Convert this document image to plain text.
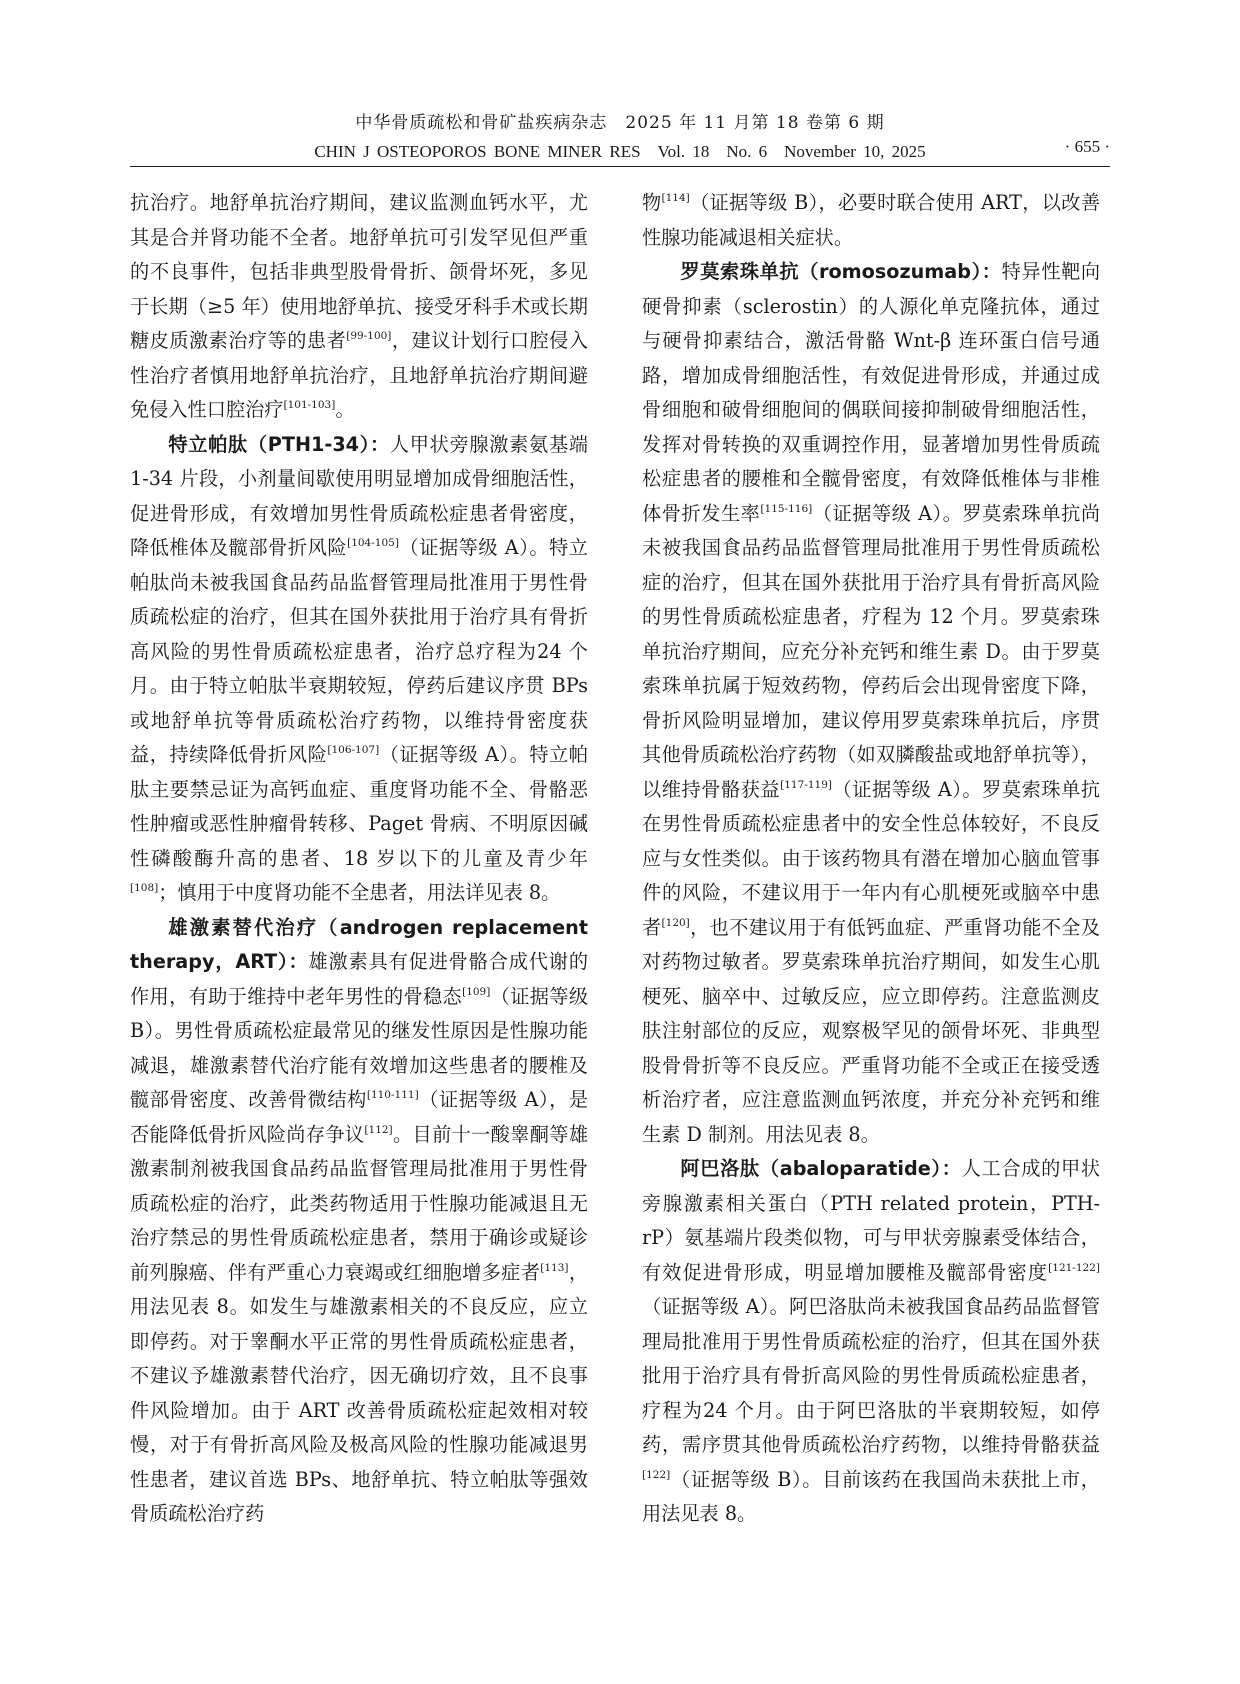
中华骨质疏松和骨矿盐疾病杂志　2025 年 11 月第 18 卷第 6 期
CHIN J OSTEOPOROS BONE MINER RES　Vol. 18　No. 6　November 10, 2025	· 655 ·

抗治疗。地舒单抗治疗期间，建议监测血钙水平，尤其是合并肾功能不全者。地舒单抗可引发罕见但严重的不良事件，包括非典型股骨骨折、颌骨坏死，多见于长期（≥5 年）使用地舒单抗、接受牙科手术或长期糖皮质激素治疗等的患者[99-100]，建议计划行口腔侵入性治疗者慎用地舒单抗治疗，且地舒单抗治疗期间避免侵入性口腔治疗[101-103]。

特立帕肽（PTH1-34）：人甲状旁腺激素氨基端 1-34 片段，小剂量间歇使用明显增加成骨细胞活性，促进骨形成，有效增加男性骨质疏松症患者骨密度，降低椎体及髋部骨折风险[104-105]（证据等级 A）。特立帕肽尚未被我国食品药品监督管理局批准用于男性骨质疏松症的治疗，但其在国外获批用于治疗具有骨折高风险的男性骨质疏松症患者，治疗总疗程为24 个月。由于特立帕肽半衰期较短，停药后建议序贯 BPs 或地舒单抗等骨质疏松治疗药物，以维持骨密度获益，持续降低骨折风险[106-107]（证据等级 A）。特立帕肽主要禁忌证为高钙血症、重度肾功能不全、骨骼恶性肿瘤或恶性肿瘤骨转移、Paget 骨病、不明原因碱性磷酸酶升高的患者、18 岁以下的儿童及青少年[108]；慎用于中度肾功能不全患者，用法详见表 8。

雄激素替代治疗（androgen replacement therapy，ART）：雄激素具有促进骨骼合成代谢的作用，有助于维持中老年男性的骨稳态[109]（证据等级 B）。男性骨质疏松症最常见的继发性原因是性腺功能减退，雄激素替代治疗能有效增加这些患者的腰椎及髋部骨密度、改善骨微结构[110-111]（证据等级 A），是否能降低骨折风险尚存争议[112]。目前十一酸睾酮等雄激素制剂被我国食品药品监督管理局批准用于男性骨质疏松症的治疗，此类药物适用于性腺功能减退且无治疗禁忌的男性骨质疏松症患者，禁用于确诊或疑诊前列腺癌、伴有严重心力衰竭或红细胞增多症者[113]，用法见表 8。如发生与雄激素相关的不良反应，应立即停药。对于睾酮水平正常的男性骨质疏松症患者，不建议予雄激素替代治疗，因无确切疗效，且不良事件风险增加。由于 ART 改善骨质疏松症起效相对较慢，对于有骨折高风险及极高风险的性腺功能减退男性患者，建议首选 BPs、地舒单抗、特立帕肽等强效骨质疏松治疗药

物[114]（证据等级 B），必要时联合使用 ART，以改善性腺功能减退相关症状。

罗莫索珠单抗（romosozumab）：特异性靶向硬骨抑素（sclerostin）的人源化单克隆抗体，通过与硬骨抑素结合，激活骨骼 Wnt-β 连环蛋白信号通路，增加成骨细胞活性，有效促进骨形成，并通过成骨细胞和破骨细胞间的偶联间接抑制破骨细胞活性，发挥对骨转换的双重调控作用，显著增加男性骨质疏松症患者的腰椎和全髋骨密度，有效降低椎体与非椎体骨折发生率[115-116]（证据等级 A）。罗莫索珠单抗尚未被我国食品药品监督管理局批准用于男性骨质疏松症的治疗，但其在国外获批用于治疗具有骨折高风险的男性骨质疏松症患者，疗程为 12 个月。罗莫索珠单抗治疗期间，应充分补充钙和维生素 D。由于罗莫索珠单抗属于短效药物，停药后会出现骨密度下降，骨折风险明显增加，建议停用罗莫索珠单抗后，序贯其他骨质疏松治疗药物（如双膦酸盐或地舒单抗等），以维持骨骼获益[117-119]（证据等级 A）。罗莫索珠单抗在男性骨质疏松症患者中的安全性总体较好，不良反应与女性类似。由于该药物具有潜在增加心脑血管事件的风险，不建议用于一年内有心肌梗死或脑卒中患者[120]，也不建议用于有低钙血症、严重肾功能不全及对药物过敏者。罗莫索珠单抗治疗期间，如发生心肌梗死、脑卒中、过敏反应，应立即停药。注意监测皮肤注射部位的反应，观察极罕见的颌骨坏死、非典型股骨骨折等不良反应。严重肾功能不全或正在接受透析治疗者，应注意监测血钙浓度，并充分补充钙和维生素 D 制剂。用法见表 8。

阿巴洛肽（abaloparatide）：人工合成的甲状旁腺激素相关蛋白（PTH related protein，PTH-rP）氨基端片段类似物，可与甲状旁腺素受体结合，有效促进骨形成，明显增加腰椎及髋部骨密度[121-122]（证据等级 A）。阿巴洛肽尚未被我国食品药品监督管理局批准用于男性骨质疏松症的治疗，但其在国外获批用于治疗具有骨折高风险的男性骨质疏松症患者，疗程为24 个月。由于阿巴洛肽的半衰期较短，如停药，需序贯其他骨质疏松治疗药物，以维持骨骼获益[122]（证据等级 B）。目前该药在我国尚未获批上市，用法见表 8。
